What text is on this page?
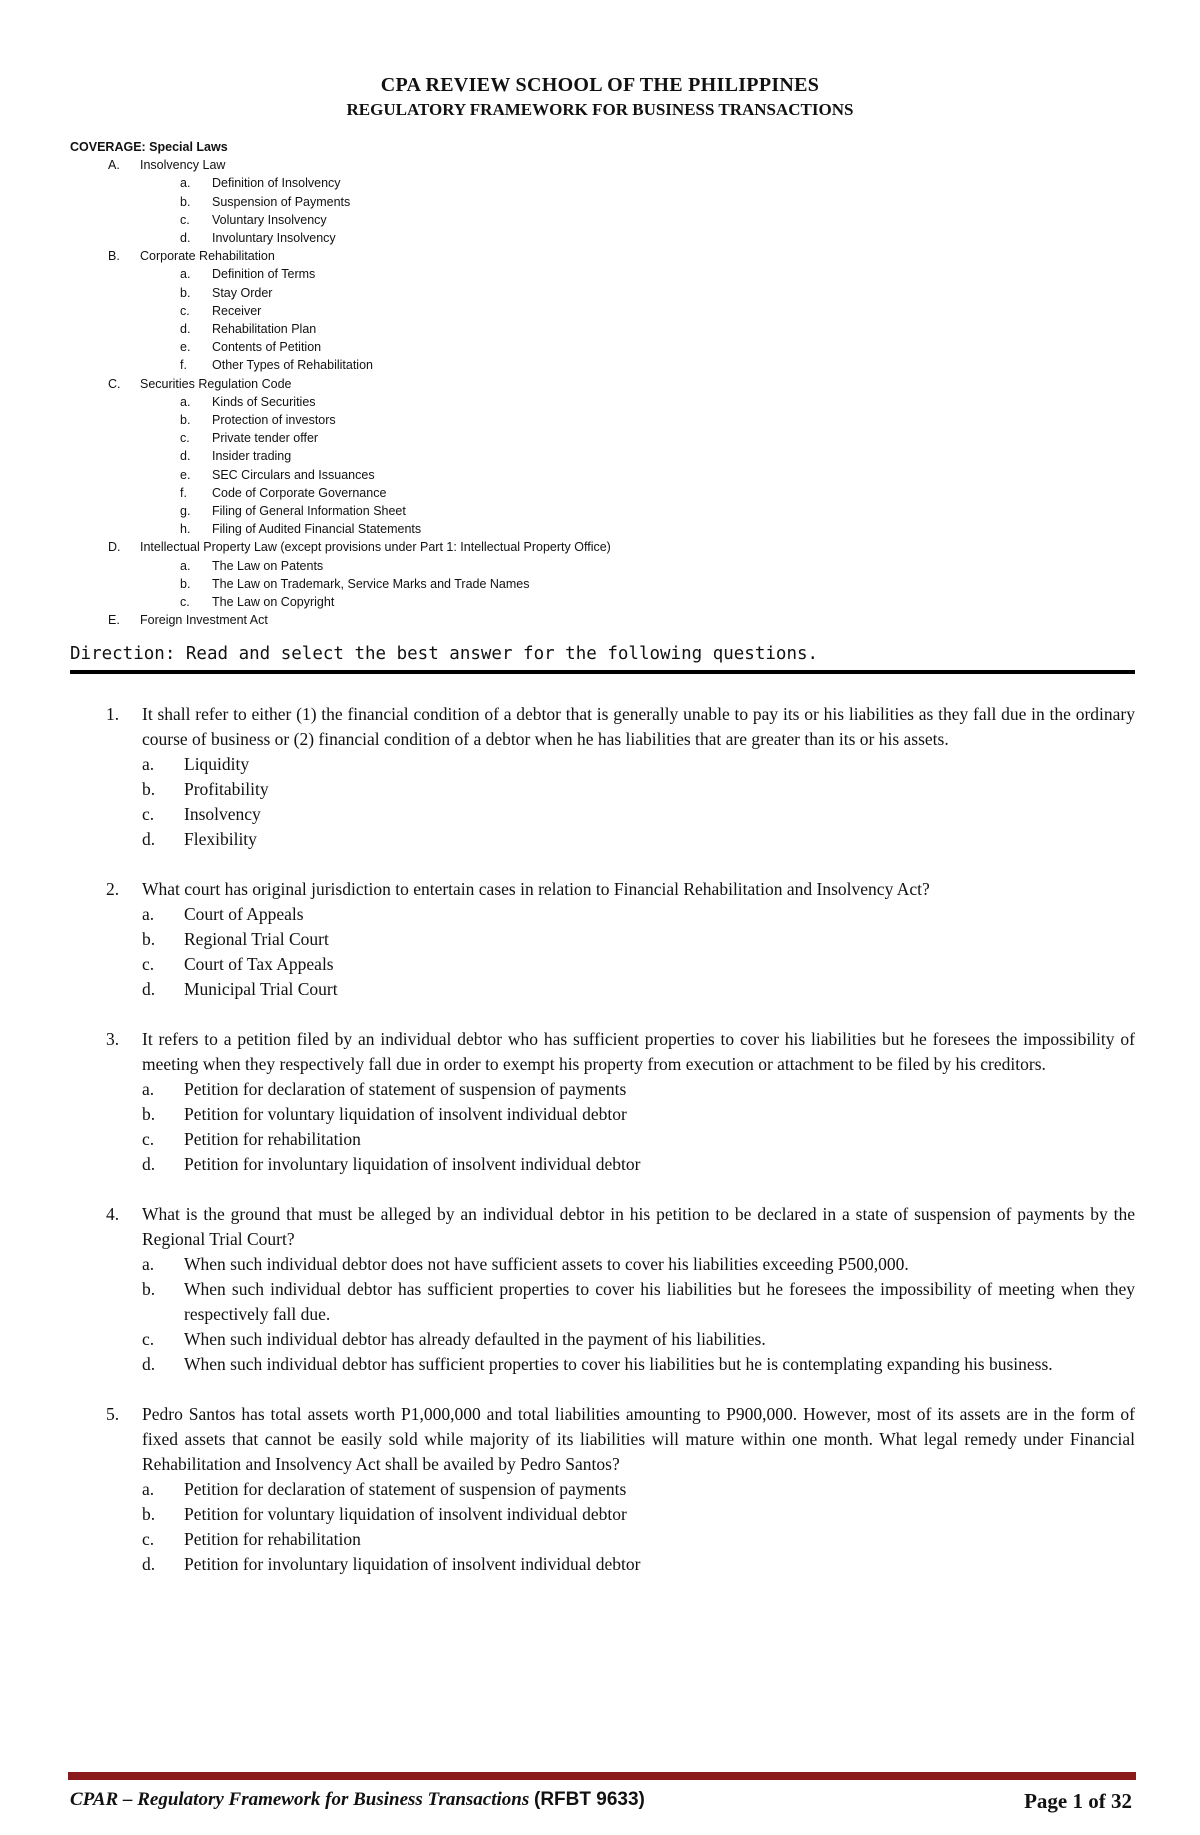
CPA REVIEW SCHOOL OF THE PHILIPPINES
REGULATORY FRAMEWORK FOR BUSINESS TRANSACTIONS
COVERAGE: Special Laws
A. Insolvency Law
a. Definition of Insolvency
b. Suspension of Payments
c. Voluntary Insolvency
d. Involuntary Insolvency
B. Corporate Rehabilitation
a. Definition of Terms
b. Stay Order
c. Receiver
d. Rehabilitation Plan
e. Contents of Petition
f. Other Types of Rehabilitation
C. Securities Regulation Code
a. Kinds of Securities
b. Protection of investors
c. Private tender offer
d. Insider trading
e. SEC Circulars and Issuances
f. Code of Corporate Governance
g. Filing of General Information Sheet
h. Filing of Audited Financial Statements
D. Intellectual Property Law (except provisions under Part 1: Intellectual Property Office)
a. The Law on Patents
b. The Law on Trademark, Service Marks and Trade Names
c. The Law on Copyright
E. Foreign Investment Act
Direction: Read and select the best answer for the following questions.
1. It shall refer to either (1) the financial condition of a debtor that is generally unable to pay its or his liabilities as they fall due in the ordinary course of business or (2) financial condition of a debtor when he has liabilities that are greater than its or his assets.
a. Liquidity
b. Profitability
c. Insolvency
d. Flexibility
2. What court has original jurisdiction to entertain cases in relation to Financial Rehabilitation and Insolvency Act?
a. Court of Appeals
b. Regional Trial Court
c. Court of Tax Appeals
d. Municipal Trial Court
3. It refers to a petition filed by an individual debtor who has sufficient properties to cover his liabilities but he foresees the impossibility of meeting when they respectively fall due in order to exempt his property from execution or attachment to be filed by his creditors.
a. Petition for declaration of statement of suspension of payments
b. Petition for voluntary liquidation of insolvent individual debtor
c. Petition for rehabilitation
d. Petition for involuntary liquidation of insolvent individual debtor
4. What is the ground that must be alleged by an individual debtor in his petition to be declared in a state of suspension of payments by the Regional Trial Court?
a. When such individual debtor does not have sufficient assets to cover his liabilities exceeding P500,000.
b. When such individual debtor has sufficient properties to cover his liabilities but he foresees the impossibility of meeting when they respectively fall due.
c. When such individual debtor has already defaulted in the payment of his liabilities.
d. When such individual debtor has sufficient properties to cover his liabilities but he is contemplating expanding his business.
5. Pedro Santos has total assets worth P1,000,000 and total liabilities amounting to P900,000. However, most of its assets are in the form of fixed assets that cannot be easily sold while majority of its liabilities will mature within one month. What legal remedy under Financial Rehabilitation and Insolvency Act shall be availed by Pedro Santos?
a. Petition for declaration of statement of suspension of payments
b. Petition for voluntary liquidation of insolvent individual debtor
c. Petition for rehabilitation
d. Petition for involuntary liquidation of insolvent individual debtor
CPAR – Regulatory Framework for Business Transactions (RFBT 9633)	Page 1 of 32
